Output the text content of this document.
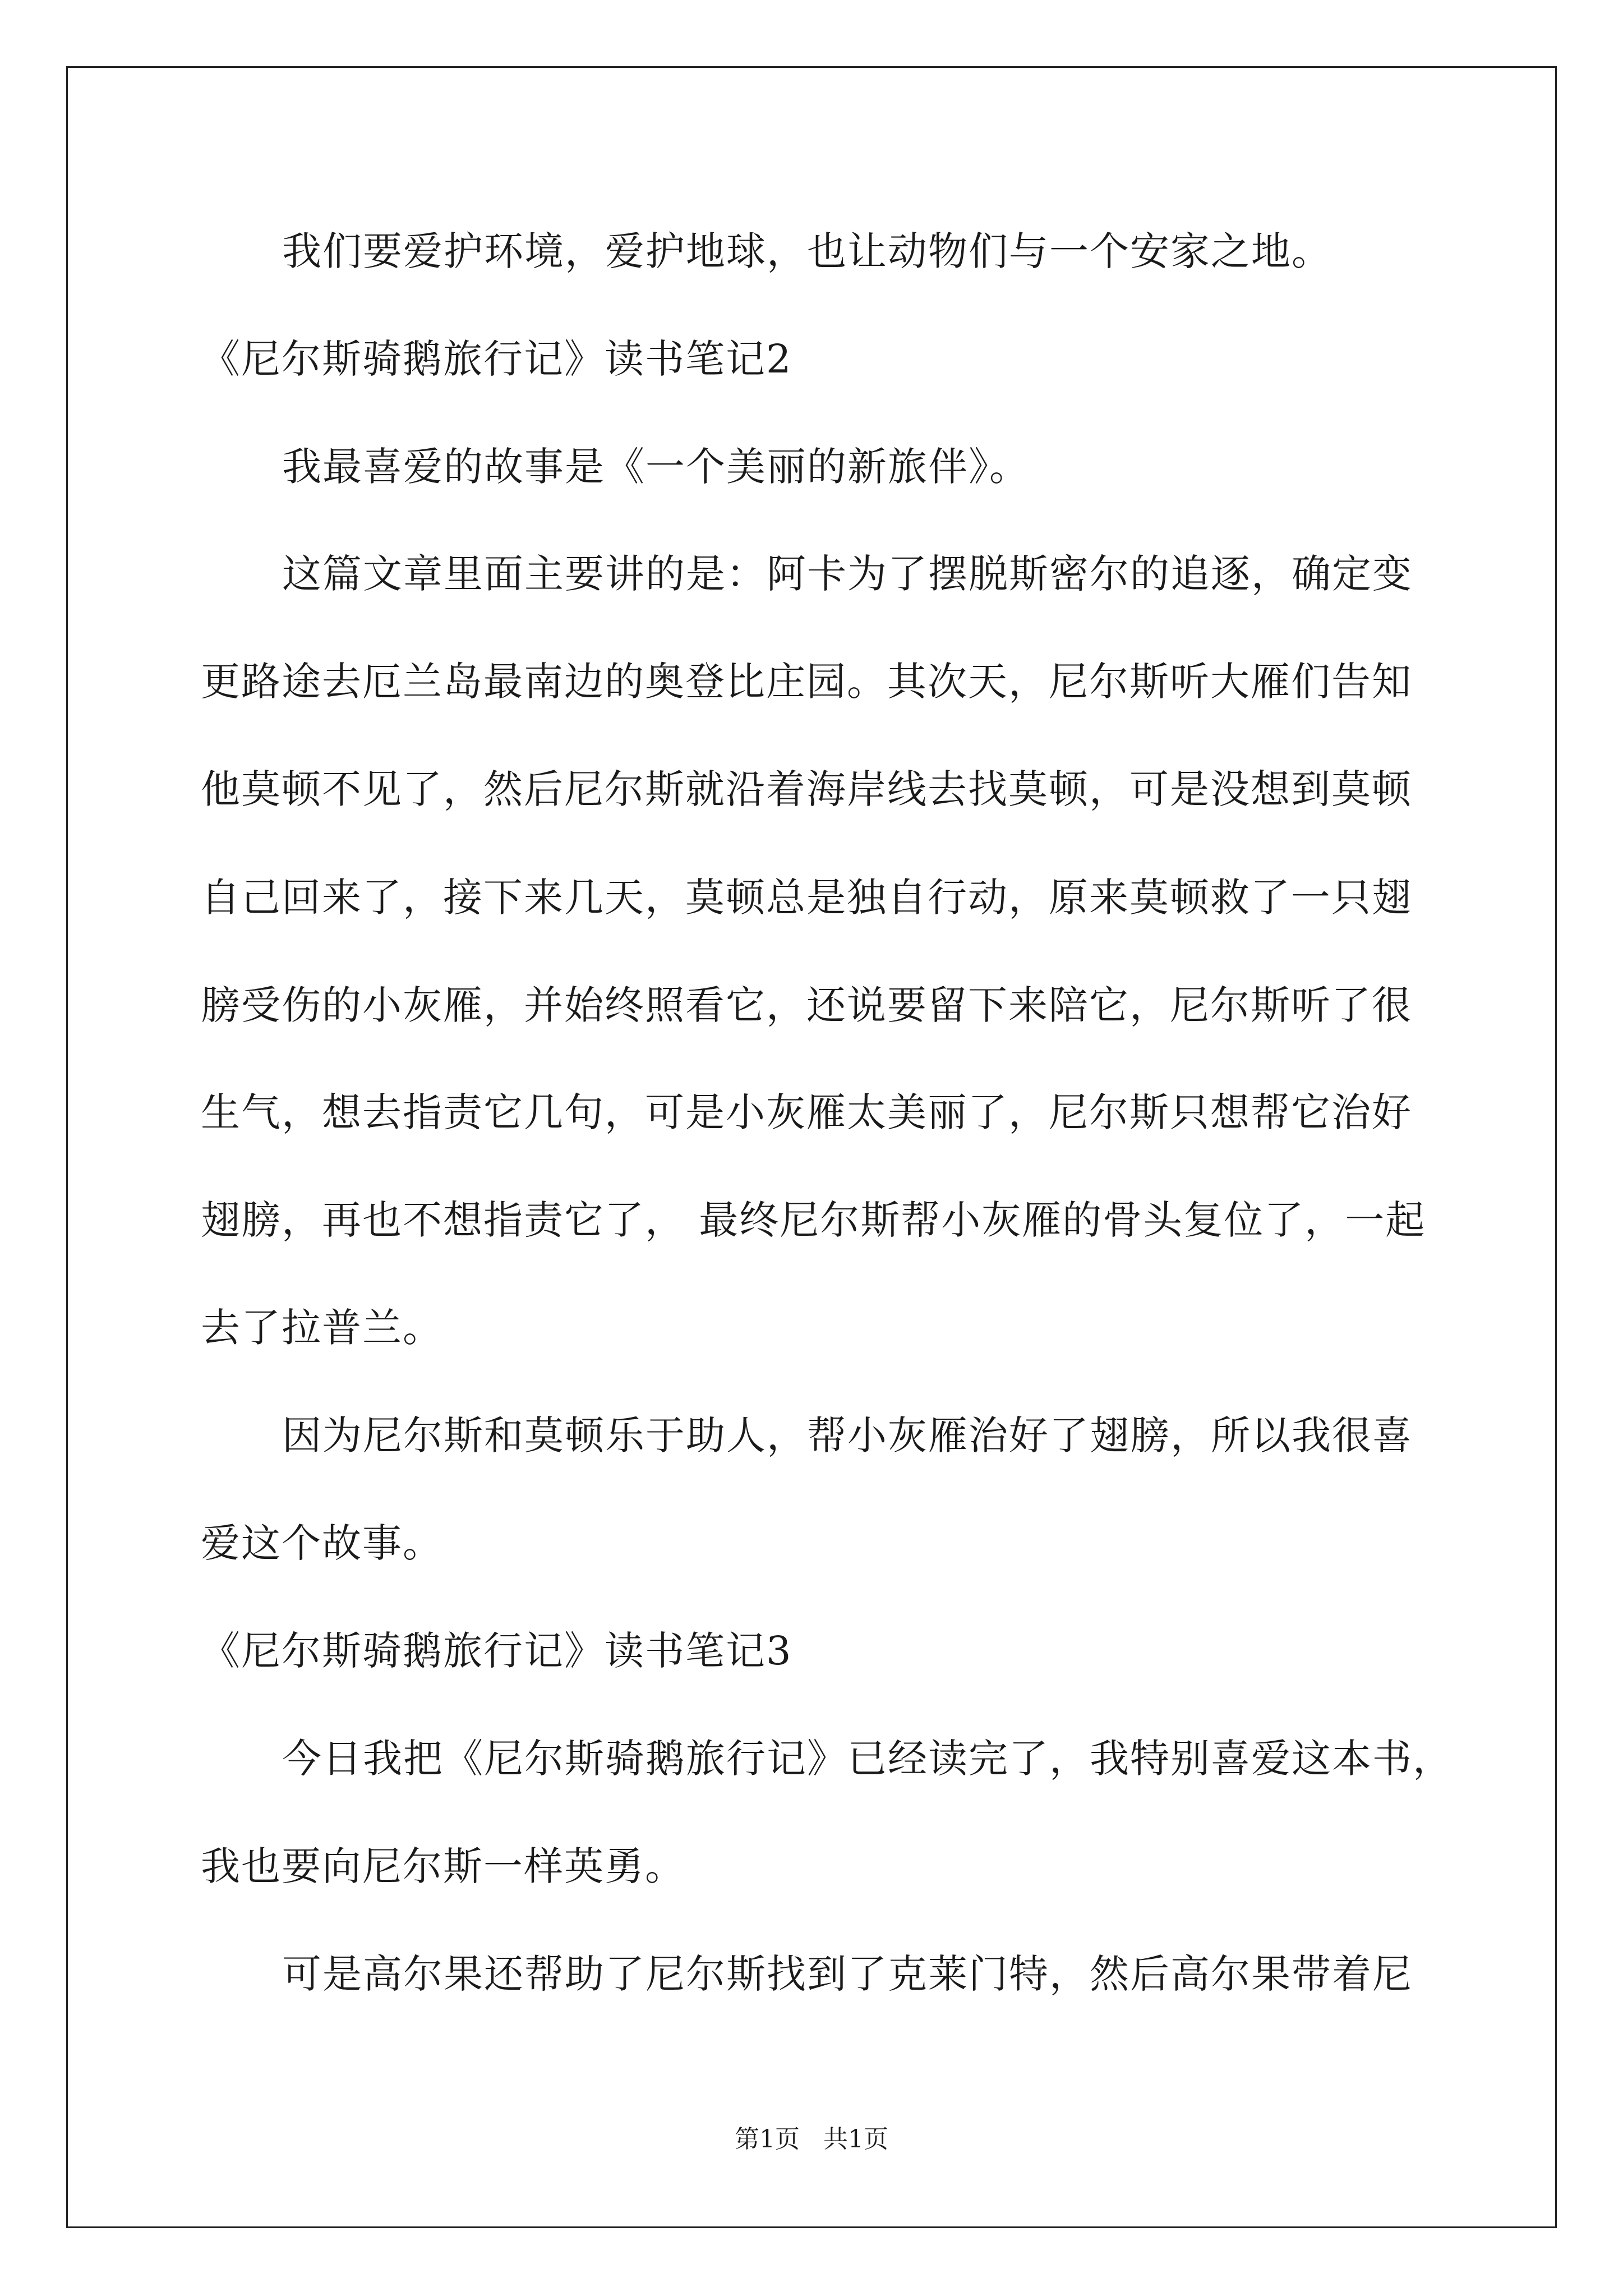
我们要爱护环境，爱护地球，也让动物们与一个安家之地。
《尼尔斯骑鹅旅行记》读书笔记2
我最喜爱的故事是《一个美丽的新旅伴》。
这篇文章里面主要讲的是：阿卡为了摆脱斯密尔的追逐，确定变
更路途去厄兰岛最南边的奥登比庄园。其次天，尼尔斯听大雁们告知
他莫顿不见了，然后尼尔斯就沿着海岸线去找莫顿，可是没想到莫顿
自己回来了，接下来几天，莫顿总是独自行动，原来莫顿救了一只翅
膀受伤的小灰雁，并始终照看它，还说要留下来陪它，尼尔斯听了很
生气，想去指责它几句，可是小灰雁太美丽了，尼尔斯只想帮它治好
翅膀，再也不想指责它了， 最终尼尔斯帮小灰雁的骨头复位了，一起
去了拉普兰。
因为尼尔斯和莫顿乐于助人，帮小灰雁治好了翅膀，所以我很喜
爱这个故事。
《尼尔斯骑鹅旅行记》读书笔记3
今日我把《尼尔斯骑鹅旅行记》已经读完了，我特别喜爱这本书，
我也要向尼尔斯一样英勇。
可是高尔果还帮助了尼尔斯找到了克莱门特，然后高尔果带着尼
第1页   共1页
